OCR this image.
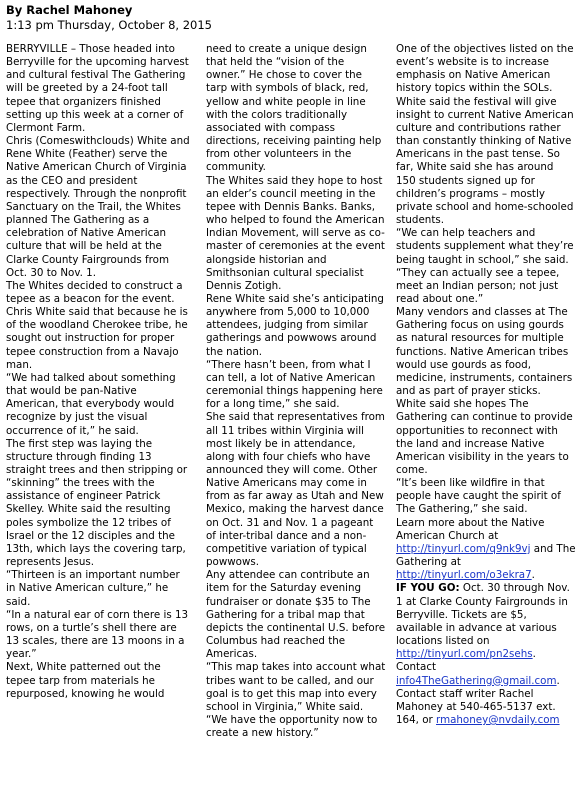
By Rachel Mahoney
1:13 pm Thursday, October 8, 2015

BERRYVILLE – Those headed into Berryville for the upcoming harvest and cultural festival The Gathering will be greeted by a 24-foot tall tepee that organizers finished setting up this week at a corner of Clermont Farm.

Chris (Comeswithclouds) White and Rene White (Feather) serve the Native American Church of Virginia as the CEO and president respectively. Through the nonprofit Sanctuary on the Trail, the Whites planned The Gathering as a celebration of Native American culture that will be held at the Clarke County Fairgrounds from Oct. 30 to Nov. 1.

The Whites decided to construct a tepee as a beacon for the event. Chris White said that because he is of the woodland Cherokee tribe, he sought out instruction for proper tepee construction from a Navajo man.

“We had talked about something that would be pan-Native American, that everybody would recognize by just the visual occurrence of it,” he said.

The first step was laying the structure through finding 13 straight trees and then stripping or “skinning” the trees with the assistance of engineer Patrick Skelley. White said the resulting poles symbolize the 12 tribes of Israel or the 12 disciples and the 13th, which lays the covering tarp, represents Jesus.

“Thirteen is an important number in Native American culture,” he said.

“In a natural ear of corn there is 13 rows, on a turtle’s shell there are 13 scales, there are 13 moons in a year.”

Next, White patterned out the tepee tarp from materials he repurposed, knowing he would

need to create a unique design that held the “vision of the owner.” He chose to cover the tarp with symbols of black, red, yellow and white people in line with the colors traditionally associated with compass directions, receiving painting help from other volunteers in the community.

The Whites said they hope to host an elder’s council meeting in the tepee with Dennis Banks. Banks, who helped to found the American Indian Movement, will serve as co-master of ceremonies at the event alongside historian and Smithsonian cultural specialist Dennis Zotigh.

Rene White said she’s anticipating anywhere from 5,000 to 10,000 attendees, judging from similar gatherings and powwows around the nation.

“There hasn’t been, from what I can tell, a lot of Native American ceremonial things happening here for a long time,” she said.

She said that representatives from all 11 tribes within Virginia will most likely be in attendance, along with four chiefs who have announced they will come. Other Native Americans may come in from as far away as Utah and New Mexico, making the harvest dance on Oct. 31 and Nov. 1 a pageant of inter-tribal dance and a non-competitive variation of typical powwows.

Any attendee can contribute an item for the Saturday evening fundraiser or donate $35 to The Gathering for a tribal map that depicts the continental U.S. before Columbus had reached the Americas.

“This map takes into account what tribes want to be called, and our goal is to get this map into every school in Virginia,” White said. “We have the opportunity now to create a new history.”

One of the objectives listed on the event’s website is to increase emphasis on Native American history topics within the SOLs.

White said the festival will give insight to current Native American culture and contributions rather than constantly thinking of Native Americans in the past tense. So far, White said she has around 150 students signed up for children’s programs – mostly private school and home-schooled students.

“We can help teachers and students supplement what they’re being taught in school,” she said. “They can actually see a tepee, meet an Indian person; not just read about one.”

Many vendors and classes at The Gathering focus on using gourds as natural resources for multiple functions. Native American tribes would use gourds as food, medicine, instruments, containers and as part of prayer sticks.

White said she hopes The Gathering can continue to provide opportunities to reconnect with the land and increase Native American visibility in the years to come.

“It’s been like wildfire in that people have caught the spirit of The Gathering,” she said.

Learn more about the Native American Church at
http://tinyurl.com/q9nk9vj and The Gathering at
http://tinyurl.com/o3ekra7.

IF YOU GO: Oct. 30 through Nov. 1 at Clarke County Fairgrounds in Berryville. Tickets are $5, available in advance at various locations listed on
http://tinyurl.com/pn2sehs. Contact info4TheGathering@gmail.com.

Contact staff writer Rachel Mahoney at 540-465-5137 ext. 164, or rmahoney@nvdaily.com
